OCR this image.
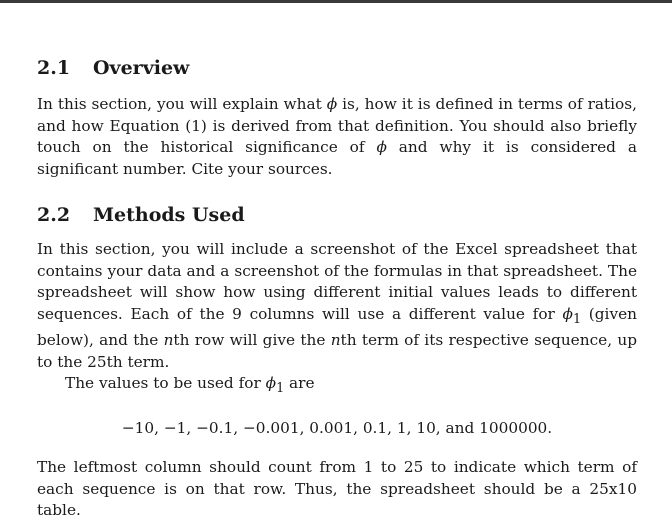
2.1	Overview

In this section, you will explain what ϕ is, how it is defined in terms of ratios, and how Equation (1) is derived from that definition. You should also briefly touch on the historical significance of ϕ and why it is considered a significant number. Cite your sources.

2.2	Methods Used

In this section, you will include a screenshot of the Excel spreadsheet that contains your data and a screenshot of the formulas in that spreadsheet. The spreadsheet will show how using different initial values leads to different sequences. Each of the 9 columns will use a different value for $\phi_1$ (given below), and the nth row will give the nth term of its respective sequence, up to the 25th term.

The values to be used for $\phi_1$ are

−10, −1, −0.1, −0.001, 0.001, 0.1, 1, 10, and 1000000.

The leftmost column should count from 1 to 25 to indicate which term of each sequence is on that row. Thus, the spreadsheet should be a 25x10 table.
